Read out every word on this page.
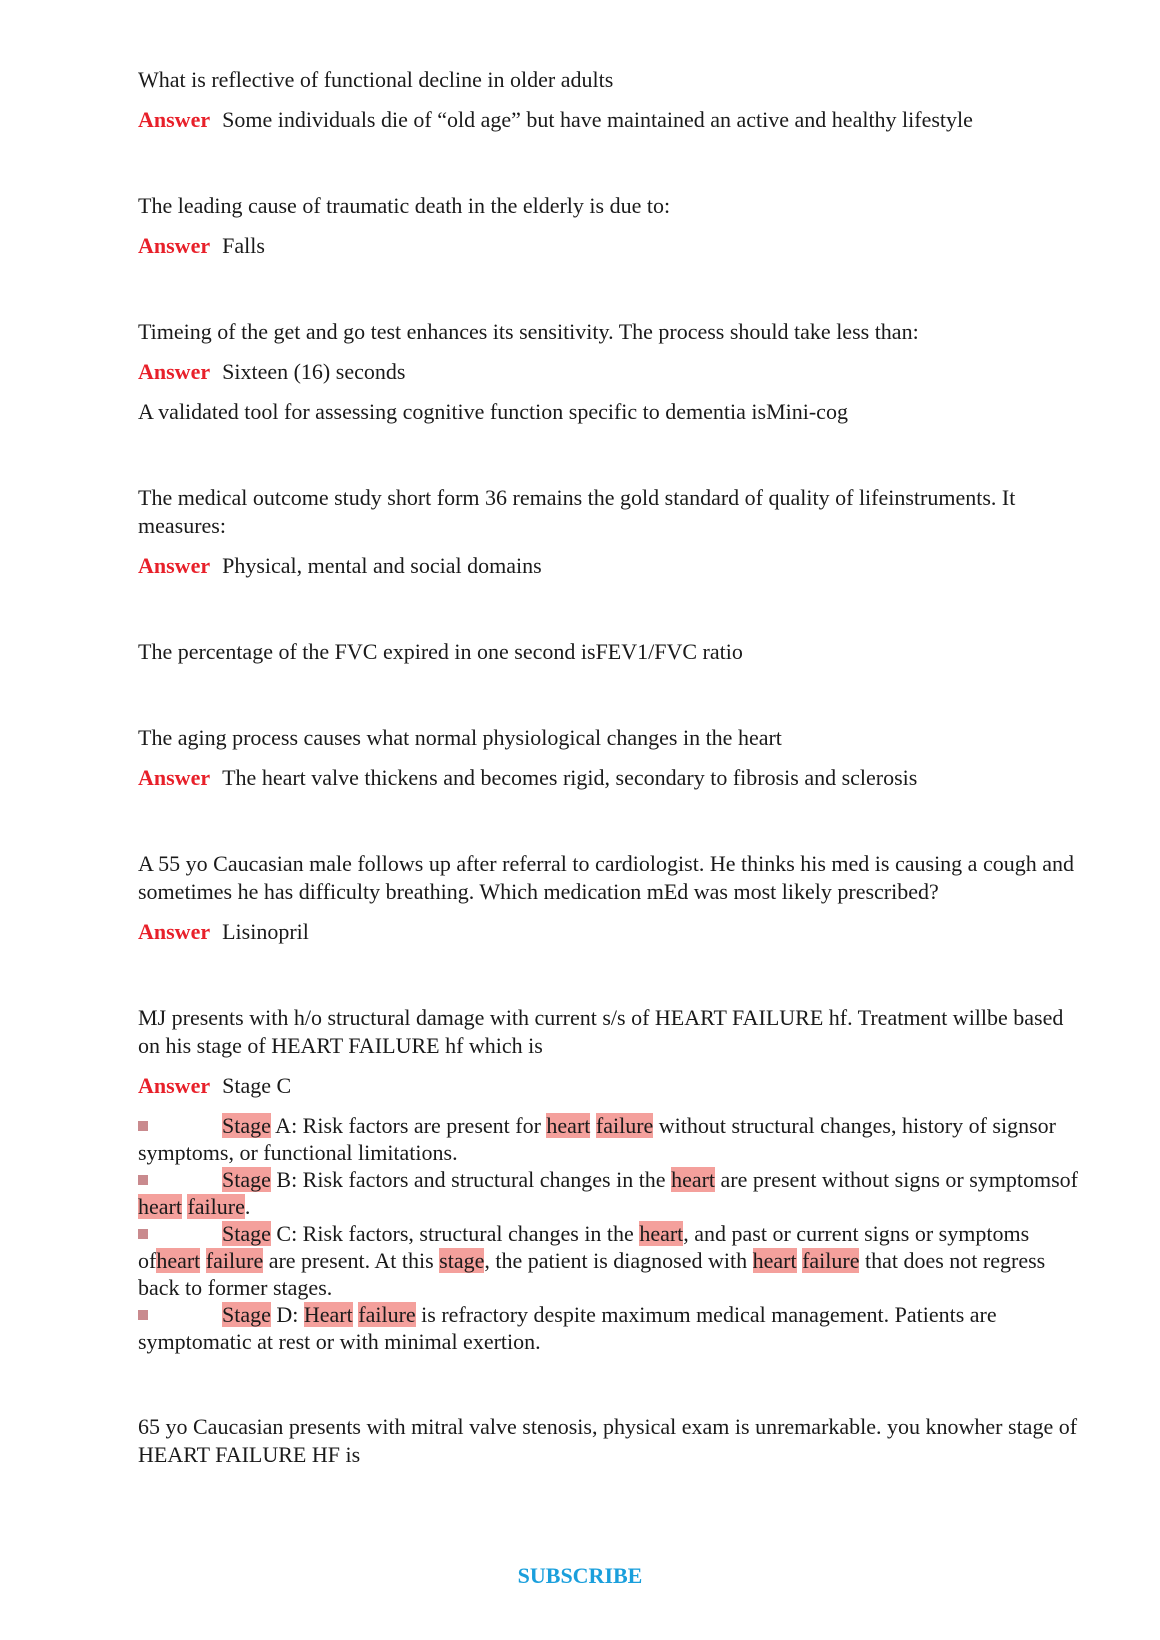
What is reflective of functional decline in older adults

Answer Some individuals die of “old age” but have maintained an active and healthy lifestyle

The leading cause of traumatic death in the elderly is due to:

Answer Falls

Timeing of the get and go test enhances its sensitivity. The process should take less than:

Answer Sixteen (16) seconds

A validated tool for assessing cognitive function specific to dementia isMini-cog

The medical outcome study short form 36 remains the gold standard of quality of lifeinstruments. It measures:

Answer Physical, mental and social domains

The percentage of the FVC expired in one second isFEV1/FVC ratio

The aging process causes what normal physiological changes in the heart

Answer The heart valve thickens and becomes rigid, secondary to fibrosis and sclerosis

A 55 yo Caucasian male follows up after referral to cardiologist. He thinks his med is causing a cough and sometimes he has difficulty breathing. Which medication mEd was most likely prescribed?

Answer Lisinopril

MJ presents with h/o structural damage with current s/s of HEART FAILURE hf. Treatment willbe based on his stage of HEART FAILURE hf which is

Answer Stage C

Stage A: Risk factors are present for heart failure without structural changes, history of signsor symptoms, or functional limitations.

Stage B: Risk factors and structural changes in the heart are present without signs or symptomsof heart failure.

Stage C: Risk factors, structural changes in the heart, and past or current signs or symptoms ofheart failure are present. At this stage, the patient is diagnosed with heart failure that does not regress back to former stages.

Stage D: Heart failure is refractory despite maximum medical management. Patients are symptomatic at rest or with minimal exertion.

65 yo Caucasian presents with mitral valve stenosis, physical exam is unremarkable. you knowher stage of HEART FAILURE HF is

SUBSCRIBE
